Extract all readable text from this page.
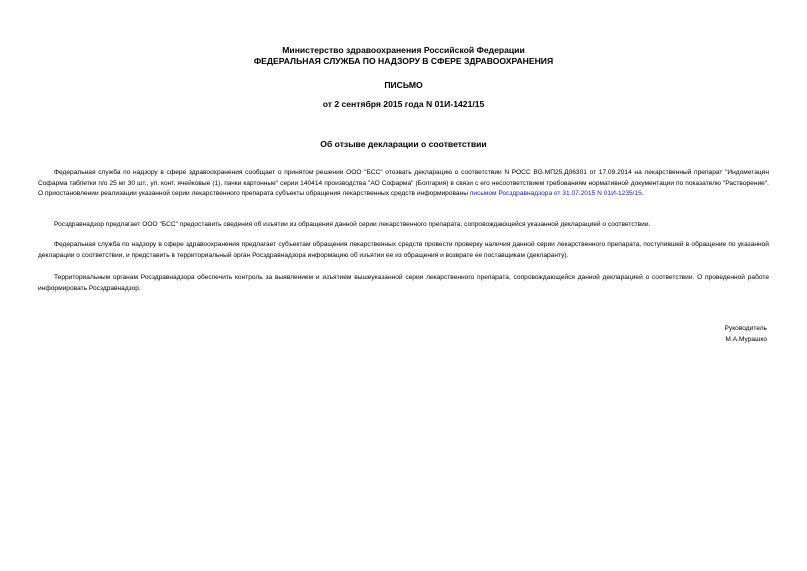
Министерство здравоохранения Российской Федерации
ФЕДЕРАЛЬНАЯ СЛУЖБА ПО НАДЗОРУ В СФЕРЕ ЗДРАВООХРАНЕНИЯ
ПИСЬМО
от 2 сентября 2015 года N 01И-1421/15
Об отзыве декларации о соответствии
Федеральная служба по надзору в сфере здравоохранения сообщает о принятом решении ООО "БСС" отозвать декларацию о соответствии N РОСС BG.МП25.Д06301 от 17.09.2014 на лекарственный препарат "Индометацин Софарма таблетки п/о 25 мг 30 шт., уп. конт. ячейковые (1), пачки картонные" серии 140414 производства "АО Софарма" (Болгария) в связи с его несоответствием требованиям нормативной документации по показателю "Растворение". О приостановлении реализации указанной серии лекарственного препарата субъекты обращения лекарственных средств информированы письмом Росздравнадзора от 31.07.2015 N 01И-1235/15.
Росздравнадзор предлагает ООО "БСС" предоставить сведения об изъятии из обращения данной серии лекарственного препарата, сопровождающейся указанной декларацией о соответствии.
Федеральная служба по надзору в сфере здравоохранения предлагает субъектам обращения лекарственных средств провести проверку наличия данной серии лекарственного препарата, поступившей в обращение по указанной декларации о соответствии, и представить в территориальный орган Росздравнадзора информацию об изъятии ее из обращения и возврате ее поставщикам (декларанту).
Территориальным органам Росздравнадзора обеспечить контроль за выявлением и изъятием вышеуказанной серии лекарственного препарата, сопровождающейся данной декларацией о соответствии. О проведенной работе информировать Росздравнадзор.
Руководитель
М.А.Мурашко
